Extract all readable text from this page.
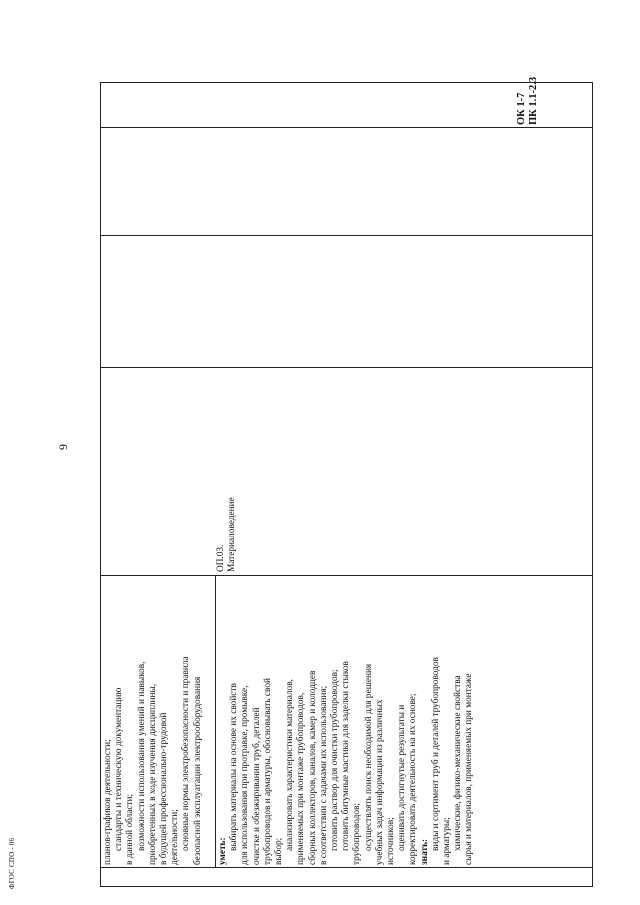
9
ФГОС СПО - 06	планов-графиков деятельности; стандарты и техническую документацию в данной области; возможности использования умений и навыков, приобретенных в ходе изучения дисциплины, в будущей профессионально-трудовой деятельности; основные нормы электробезопасности и правила безопасной эксплуатации электрооборудования уметь:
выбирать материалы на основе их свойств для использования при протравке, промывке, очистке и обезжиривании труб, деталей трубопроводов и арматуры, обосновывать свой выбор;
анализировать характеристики материалов, применяемых при монтаже трубопроводов, сборных коллекторов, каналов, камер и колодцев в соответствии с задачами их использования; готовить раствор для очистки трубопроводов; готовить битумные мастики для заделки стыков трубопроводов; осуществлять поиск необходимой для решения учебных задач информации из различных источников; оценивать достигнутые результаты и корректировать деятельность на их основе; знать:
виды и сортимент труб и деталей трубопроводов и арматуры; химические, физико-механические свойства сырья и материалов, применяемых при монтаже
ОП.03. Материаловедение
ОК 1-7 ПК 1.1-2.3
